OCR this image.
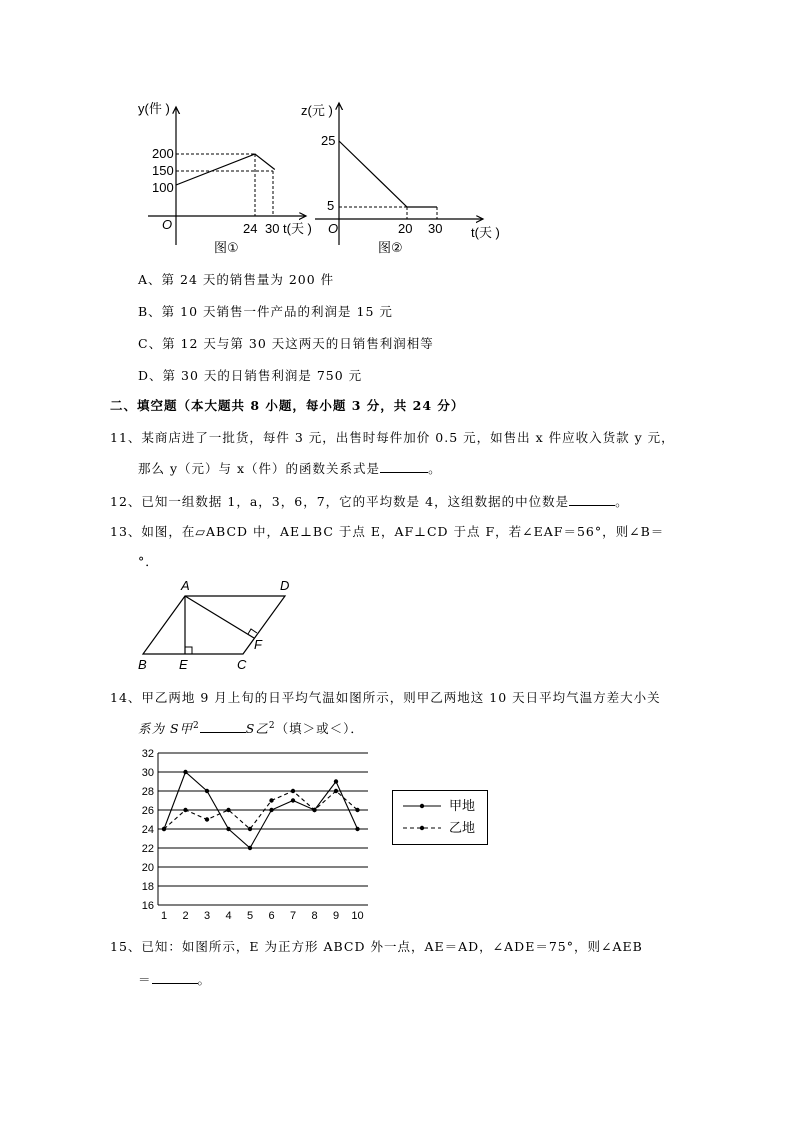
y(件 )
200
150
100
O	24 30 t(天 )
图①
z(元 )
25
5
O	20 30 t(天 )
图②
A、第 24 天的销售量为 200 件
B、第 10 天销售一件产品的利润是 15 元
C、第 12 天与第 30 天这两天的日销售利润相等
D、第 30 天的日销售利润是 750 元
二、填空题（本大题共 8 小题，每小题 3 分，共 24 分）
11、某商店进了一批货，每件 3 元，出售时每件加价 0.5 元，如售出 x 件应收入货款 y 元，
那么 y（元）与 x（件）的函数关系式是	。
12、已知一组数据 1，a，3，6，7，它的平均数是 4，这组数据的中位数是	。
13、如图，在▱ABCD 中，AE⊥BC 于点 E，AF⊥CD 于点 F，若∠EAF＝56°，则∠B＝
°．
A	D
B E	C
F
14、甲乙两地 9 月上旬的日平均气温如图所示，则甲乙两地这 10 天日平均气温方差大小关
系为 S甲$^2$	S乙$^2$（填＞或＜）．
16
18
20
22
24
26
28
30
32
1 2 3 4 5 6 7 8 9 10
甲地
乙地
15、已知：如图所示，E 为正方形 ABCD 外一点，AE＝AD，∠ADE＝75°，则∠AEB
＝	。
